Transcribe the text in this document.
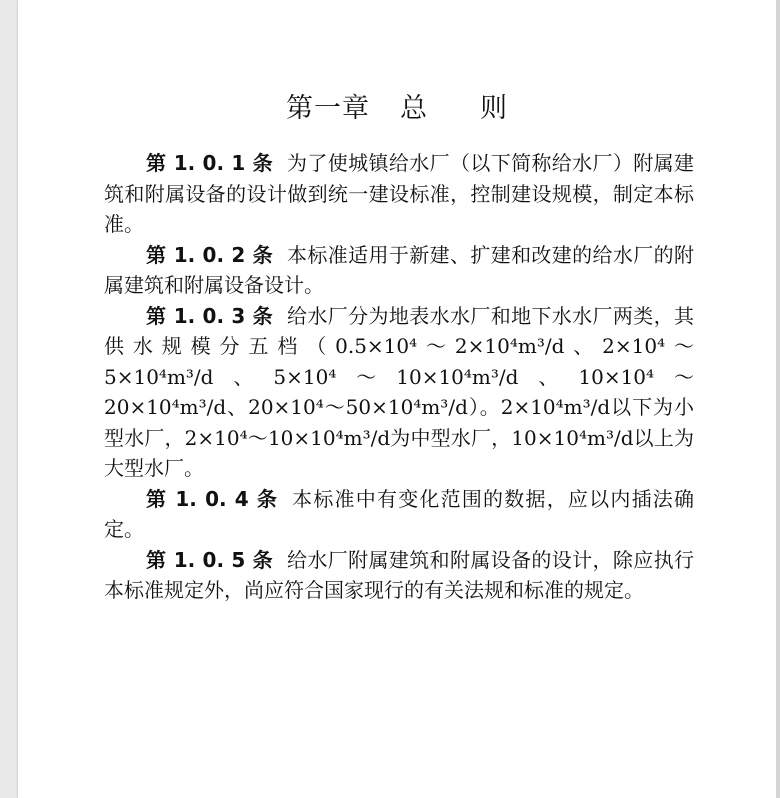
第一章 总 则

第 1. 0. 1 条 为了使城镇给水厂（以下简称给水厂）附属建筑和附属设备的设计做到统一建设标准，控制建设规模，制定本标准。

第 1. 0. 2 条 本标准适用于新建、扩建和改建的给水厂的附属建筑和附属设备设计。

第 1. 0. 3 条 给水厂分为地表水水厂和地下水水厂两类，其供水规模分五档（0.5×10⁴～2×10⁴m³/d、2×10⁴～5×10⁴m³/d、5×10⁴～10×10⁴m³/d、10×10⁴～20×10⁴m³/d、20×10⁴～50×10⁴m³/d）。2×10⁴m³/d以下为小型水厂，2×10⁴～10×10⁴m³/d为中型水厂，10×10⁴m³/d以上为大型水厂。

第 1. 0. 4 条 本标准中有变化范围的数据，应以内插法确定。

第 1. 0. 5 条 给水厂附属建筑和附属设备的设计，除应执行本标准规定外，尚应符合国家现行的有关法规和标准的规定。
